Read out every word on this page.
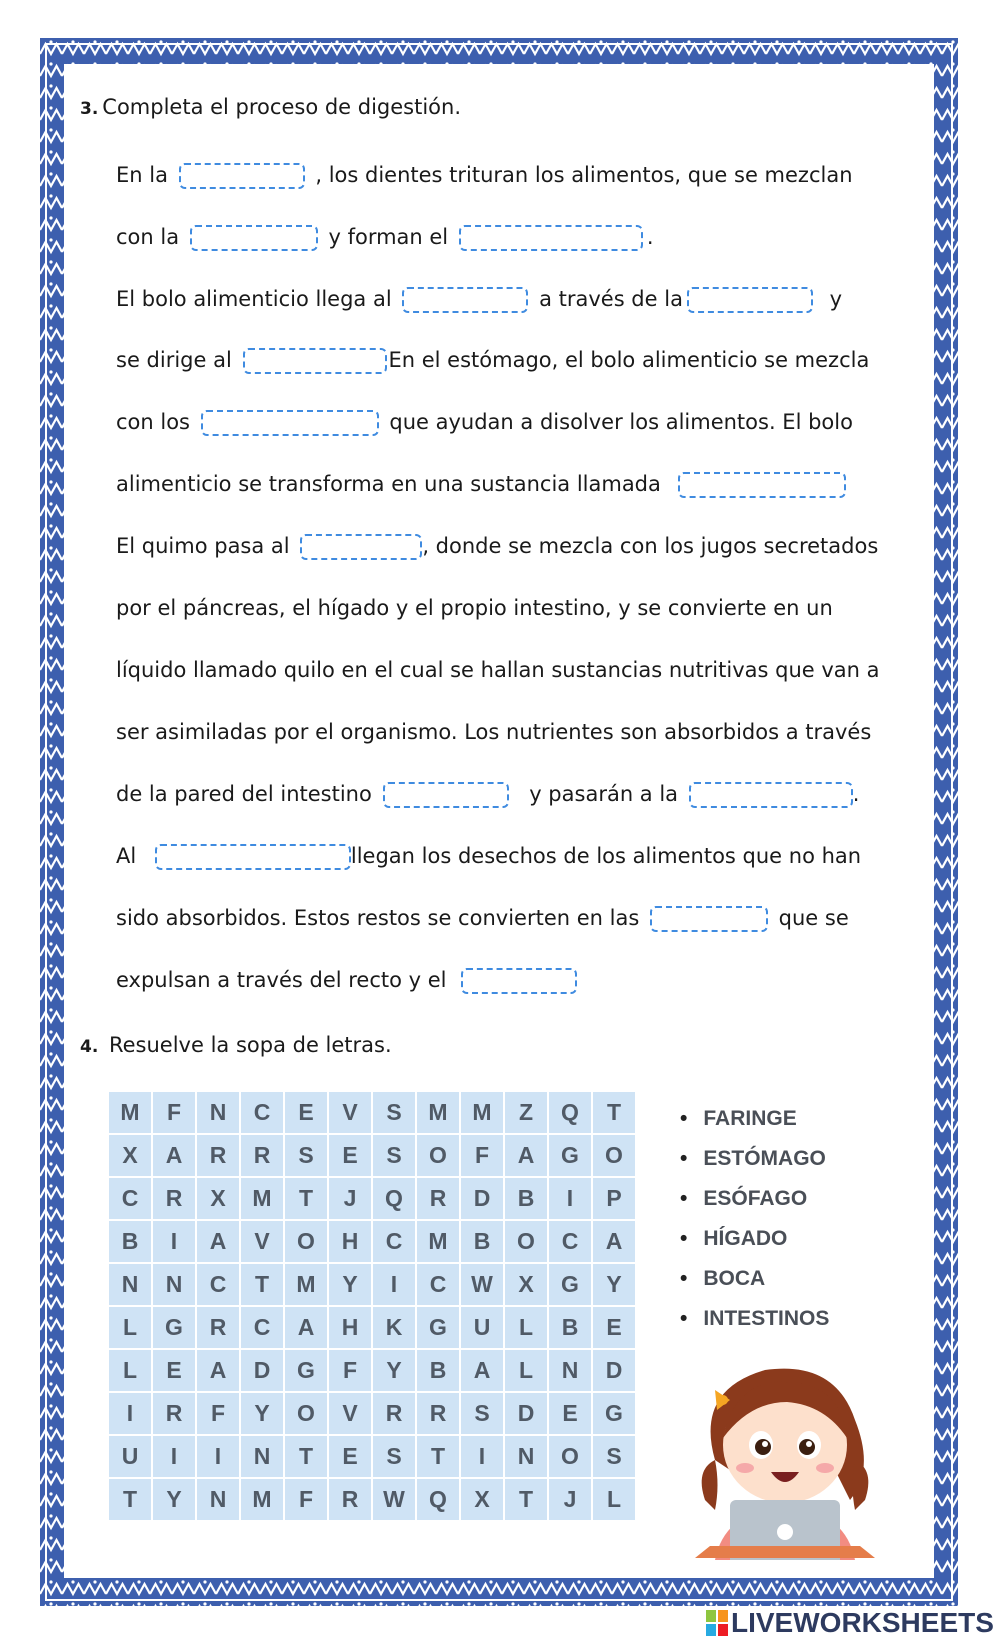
3. Completa el proceso de digestión.
En la	, los dientes trituran los alimentos, que se mezclan
con la	y forman el	.
El bolo alimenticio llega al	a través de la	y
se dirige al	En el estómago, el bolo alimenticio se mezcla
con los	que ayudan a disolver los alimentos. El bolo
alimenticio se transforma en una sustancia llamada
El quimo pasa al	, donde se mezcla con los jugos secretados
por el páncreas, el hígado y el propio intestino, y se convierte en un
líquido llamado quilo en el cual se hallan sustancias nutritivas que van a
ser asimiladas por el organismo. Los nutrientes son absorbidos a través
de la pared del intestino	y pasarán a la	.
Al	llegan los desechos de los alimentos que no han
sido absorbidos. Estos restos se convierten en las	que se
expulsan a través del recto y el
4. Resuelve la sopa de letras.
M	F	N	C	E	V	S	M	M	Z	Q	T
X	A	R	R	S	E	S	O	F	A	G	O
C	R	X	M	T	J	Q	R	D	B	I	P
B	I	A	V	O	H	C	M	B	O	C	A
N	N	C	T	M	Y	I	C	W	X	G	Y
L	G	R	C	A	H	K	G	U	L	B	E
L	E	A	D	G	F	Y	B	A	L	N	D
I	R	F	Y	O	V	R	R	S	D	E	G
U	I	I	N	T	E	S	T	I	N	O	S
T	Y	N	M	F	R	W	Q	X	T	J	L
• FARINGE
• ESTÓMAGO
• ESÓFAGO
• HÍGADO
• BOCA
• INTESTINOS
LIVEWORKSHEETS
